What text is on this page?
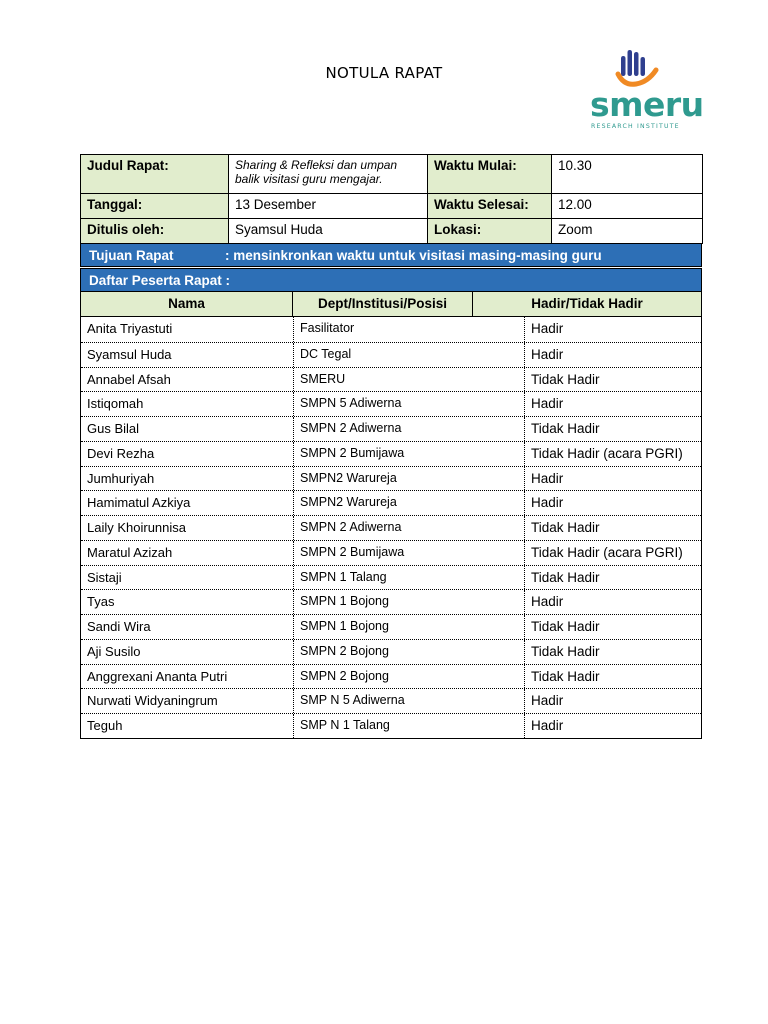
NOTULA RAPAT
smeru
RESEARCH INSTITUTE
Judul Rapat:	Sharing & Refleksi dan umpan balik visitasi guru mengajar.	Waktu Mulai:	10.30
Tanggal:	13 Desember	Waktu Selesai:	12.00
Ditulis oleh:	Syamsul Huda	Lokasi:	Zoom
Tujuan Rapat	: mensinkronkan waktu untuk visitasi masing-masing guru
Daftar Peserta Rapat :
Nama	Dept/Institusi/Posisi	Hadir/Tidak Hadir
Anita Triyastuti	Fasilitator	Hadir
Syamsul Huda	DC Tegal	Hadir
Annabel Afsah	SMERU	Tidak Hadir
Istiqomah	SMPN 5 Adiwerna	Hadir
Gus Bilal	SMPN 2 Adiwerna	Tidak Hadir
Devi Rezha	SMPN 2 Bumijawa	Tidak Hadir (acara PGRI)
Jumhuriyah	SMPN2 Warureja	Hadir
Hamimatul Azkiya	SMPN2 Warureja	Hadir
Laily Khoirunnisa	SMPN 2 Adiwerna	Tidak Hadir
Maratul Azizah	SMPN 2 Bumijawa	Tidak Hadir (acara PGRI)
Sistaji	SMPN 1 Talang	Tidak Hadir
Tyas	SMPN 1 Bojong	Hadir
Sandi Wira	SMPN 1 Bojong	Tidak Hadir
Aji Susilo	SMPN 2 Bojong	Tidak Hadir
Anggrexani Ananta Putri	SMPN 2 Bojong	Tidak Hadir
Nurwati Widyaningrum	SMP N 5 Adiwerna	Hadir
Teguh	SMP N 1 Talang	Hadir
